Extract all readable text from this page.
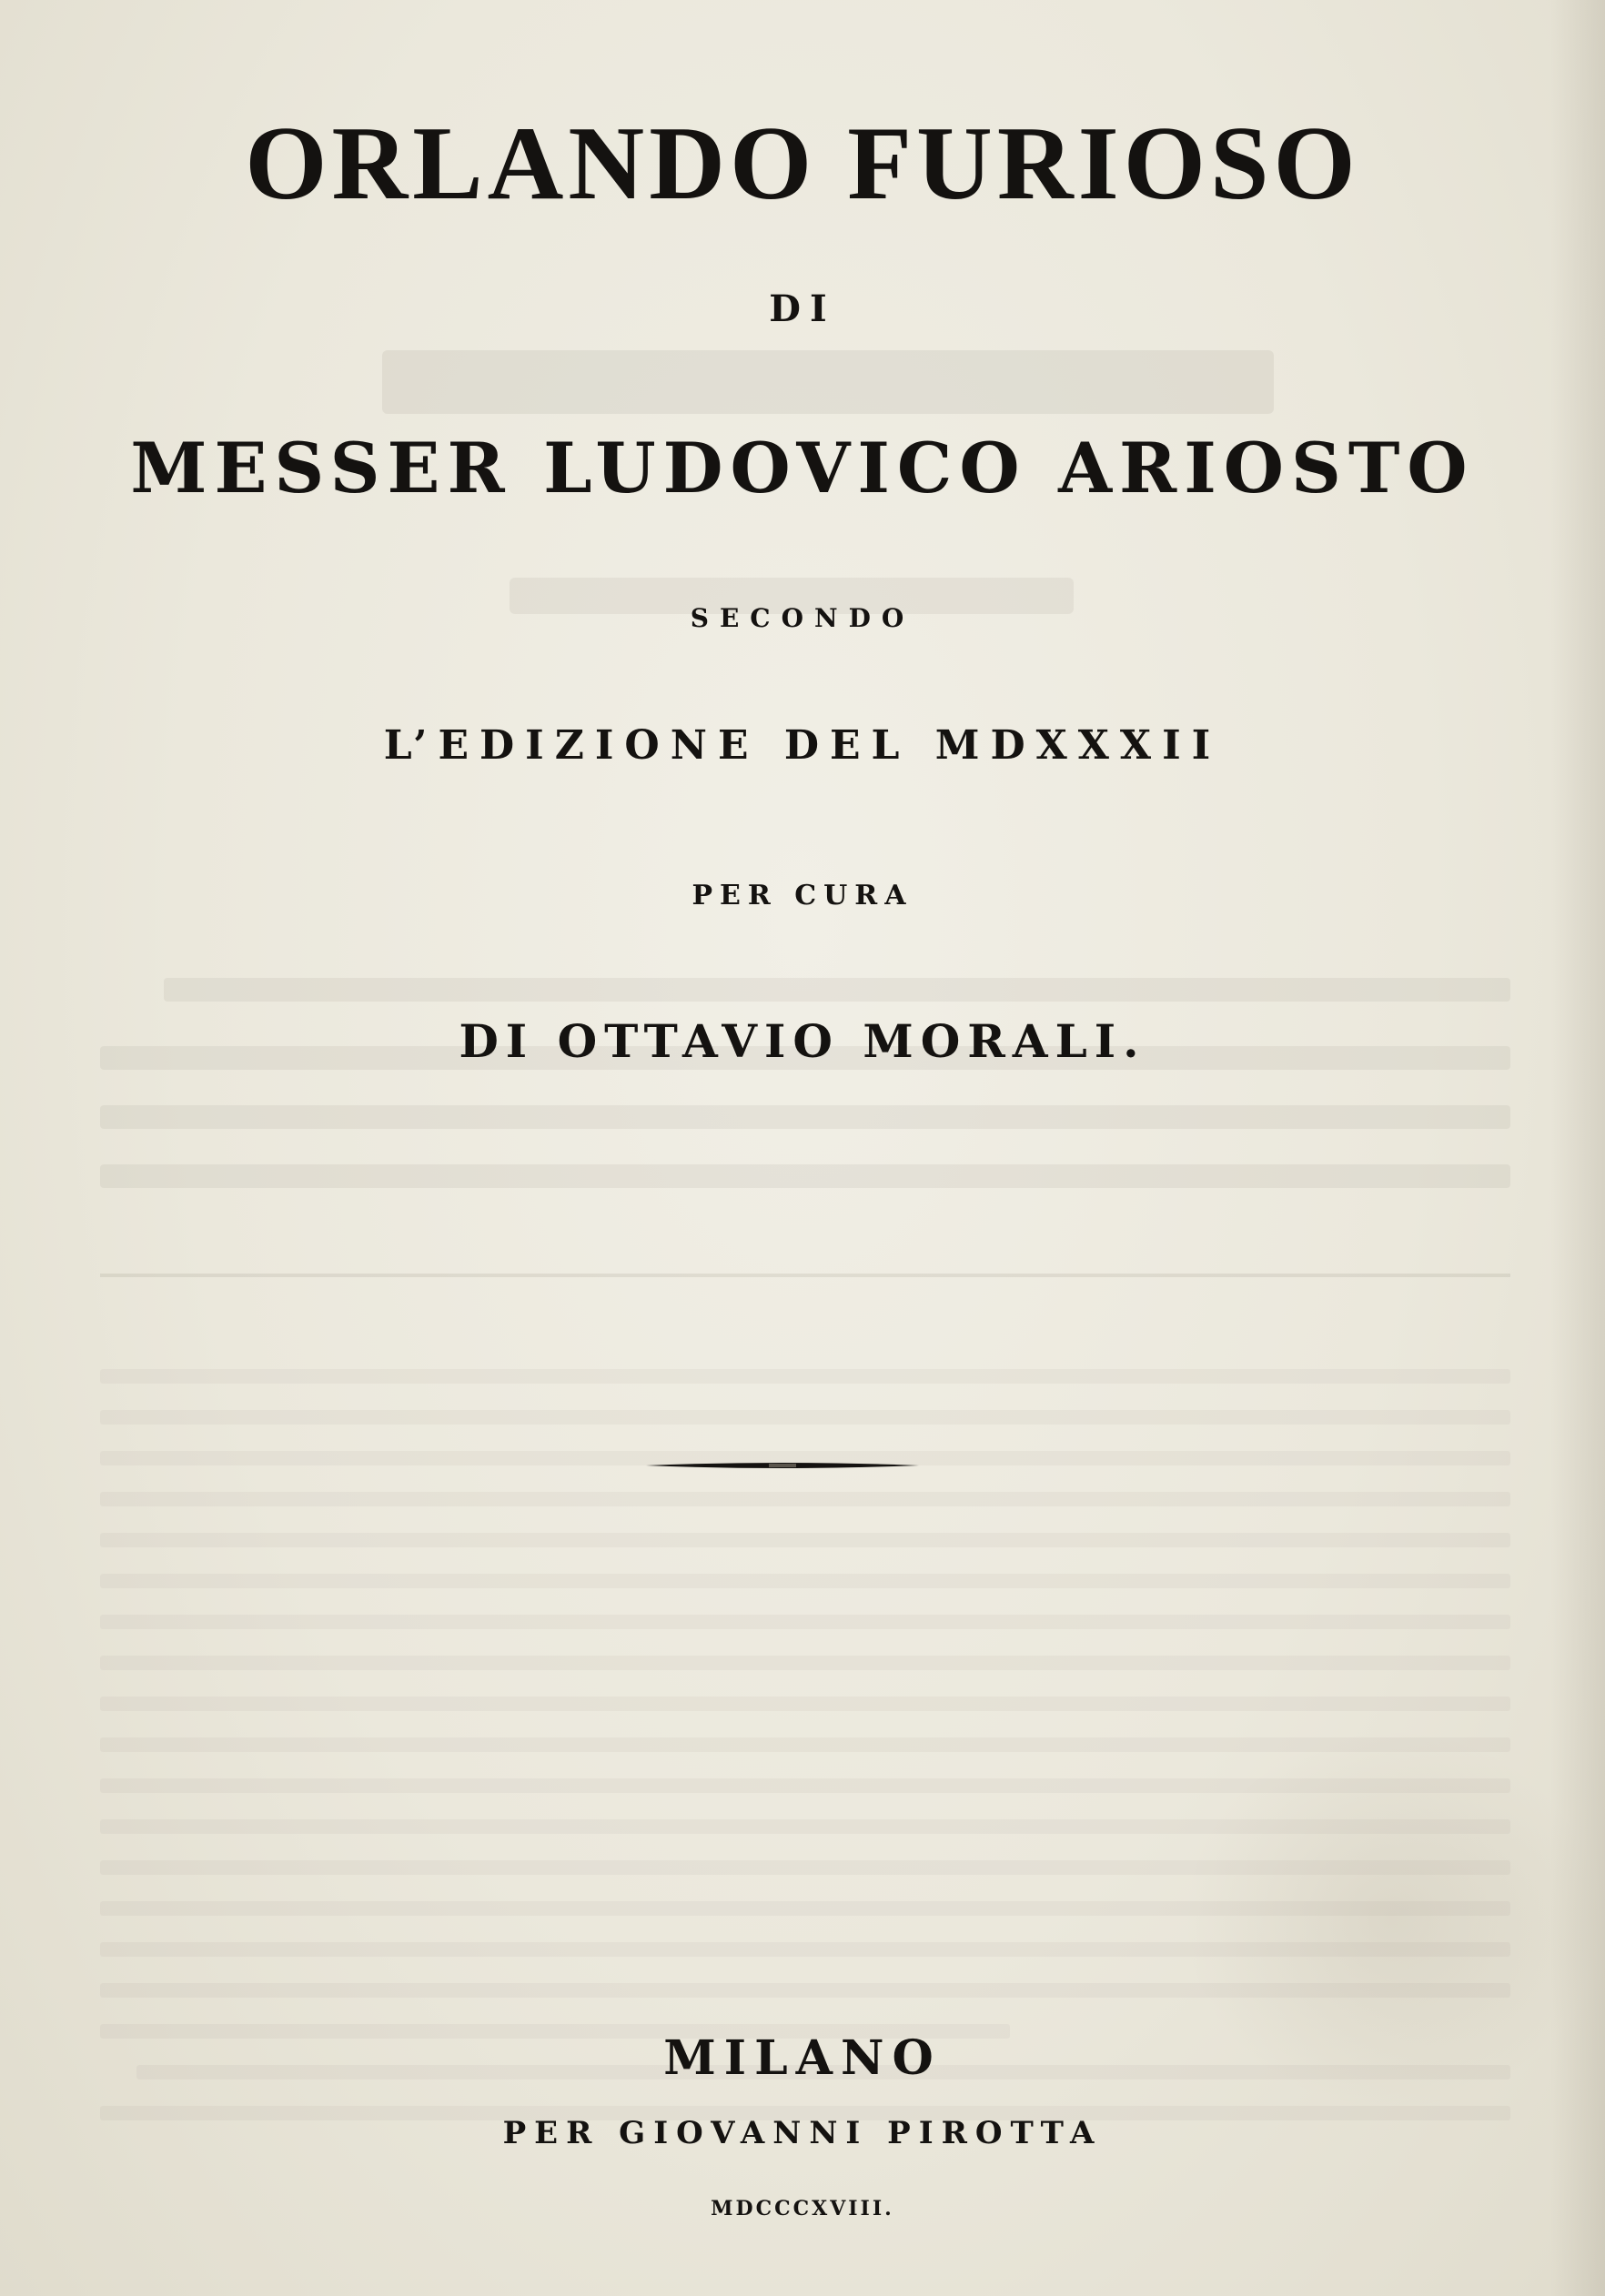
ORLANDO FURIOSO
DI
MESSER LUDOVICO ARIOSTO
SECONDO
L’EDIZIONE DEL MDXXXII
PER CURA
DI OTTAVIO MORALI.
MILANO
PER GIOVANNI PIROTTA
MDCCCXVIII.
